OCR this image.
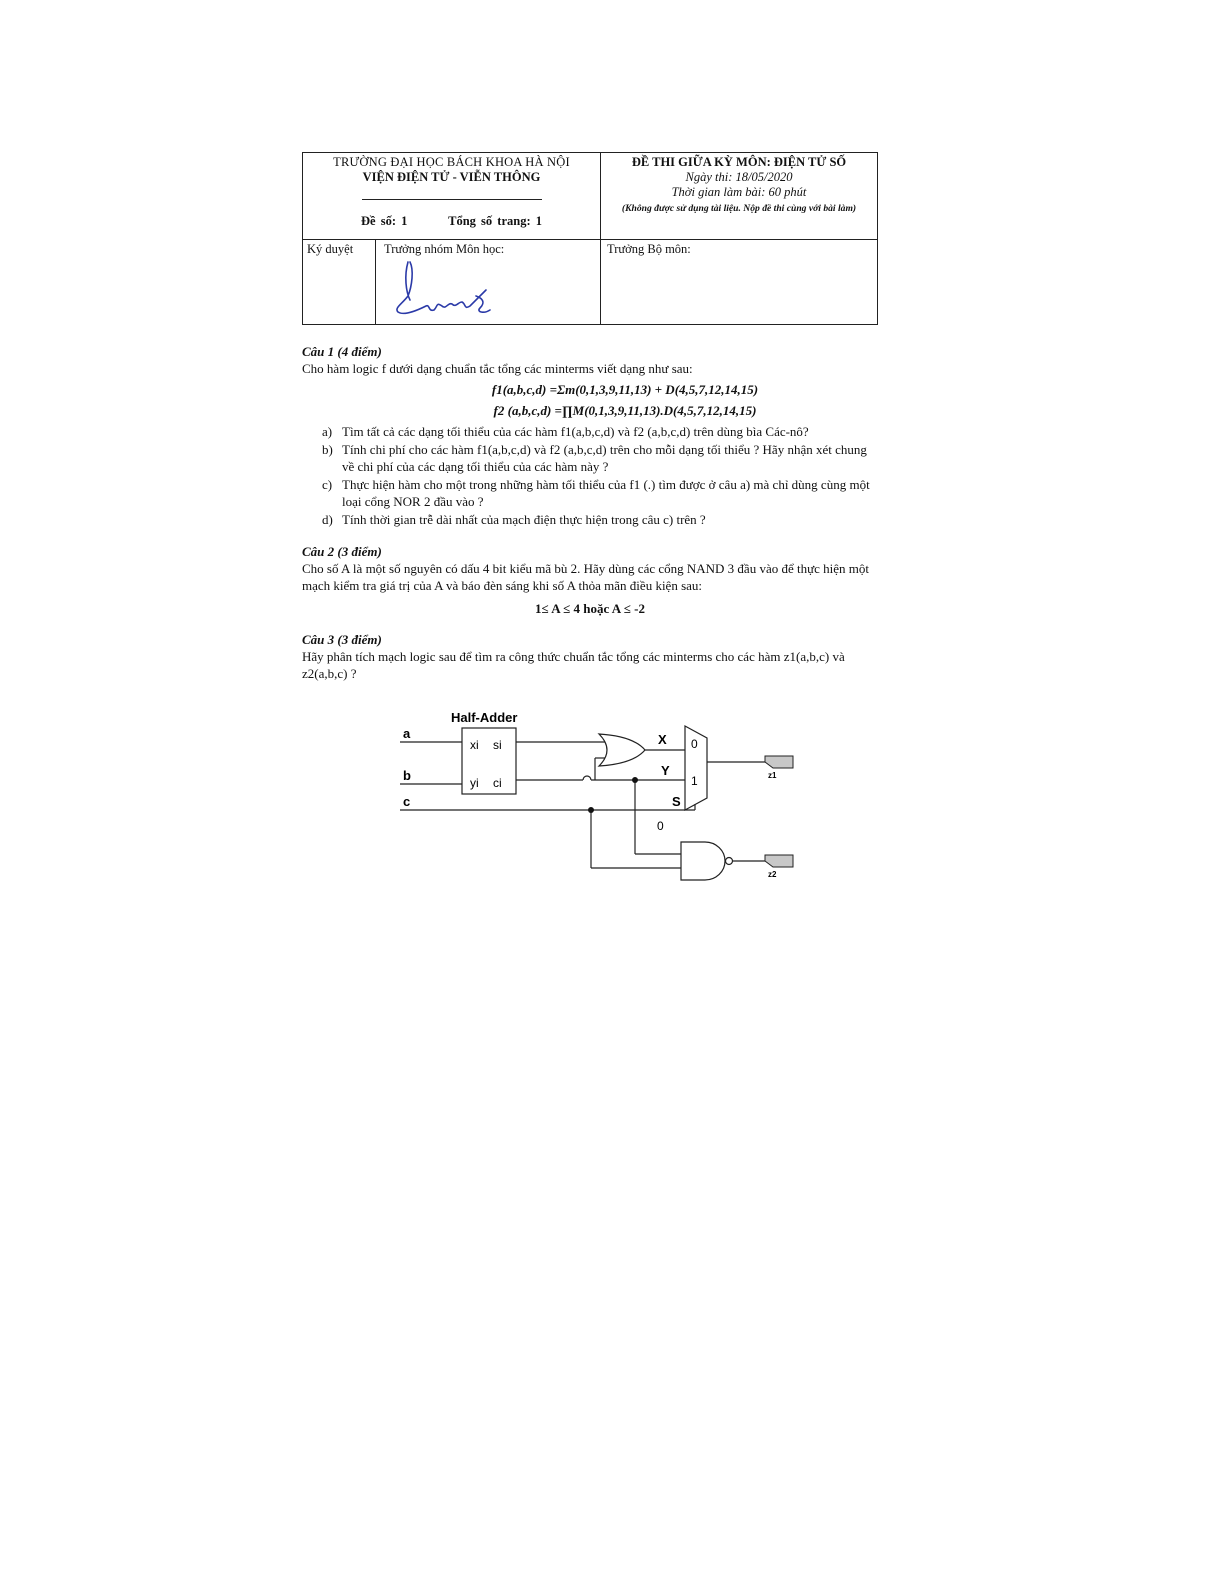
TRƯỜNG ĐẠI HỌC BÁCH KHOA HÀ NỘI
VIỆN ĐIỆN TỬ - VIỄN THÔNG
Đề số: 1 Tổng số trang: 1		ĐỀ THI GIỮA KỲ MÔN: ĐIỆN TỬ SỐ
Ngày thi: 18/05/2020
Thời gian làm bài: 60 phút
(Không được sử dụng tài liệu. Nộp đề thi cùng với bài làm)

Ký duyệt	Trưởng nhóm Môn học:	Trưởng Bộ môn:
Câu 1 (4 điểm)
Cho hàm logic f dưới dạng chuẩn tắc tổng các minterms viết dạng như sau:
f1(a,b,c,d) =Σm(0,1,3,9,11,13) + D(4,5,7,12,14,15)
f2 (a,b,c,d) =∏M(0,1,3,9,11,13).D(4,5,7,12,14,15)
a) Tìm tất cả các dạng tối thiểu của các hàm f1(a,b,c,d) và f2 (a,b,c,d) trên dùng bìa Các-nô?
b) Tính chi phí cho các hàm f1(a,b,c,d) và f2 (a,b,c,d) trên cho mỗi dạng tối thiểu ? Hãy nhận xét chung về chi phí của các dạng tối thiểu của các hàm này ?
c) Thực hiện hàm cho một trong những hàm tối thiểu của f1 (.) tìm được ở câu a) mà chỉ dùng cùng một loại cổng NOR 2 đầu vào ?
d) Tính thời gian trễ dài nhất của mạch điện thực hiện trong câu c) trên ?
Câu 2 (3 điểm)
Cho số A là một số nguyên có dấu 4 bit kiểu mã bù 2. Hãy dùng các cổng NAND 3 đầu vào để thực hiện một mạch kiểm tra giá trị của A và báo đèn sáng khi số A thỏa mãn điều kiện sau:
1≤ A ≤ 4 hoặc A ≤ -2
Câu 3 (3 điểm)
Hãy phân tích mạch logic sau để tìm ra công thức chuẩn tắc tổng các minterms cho các hàm z1(a,b,c) và z2(a,b,c) ?
Half-Adder
a
b
c
xi
yi
si
ci
X
Y
S
0
1
0
z1
z2
